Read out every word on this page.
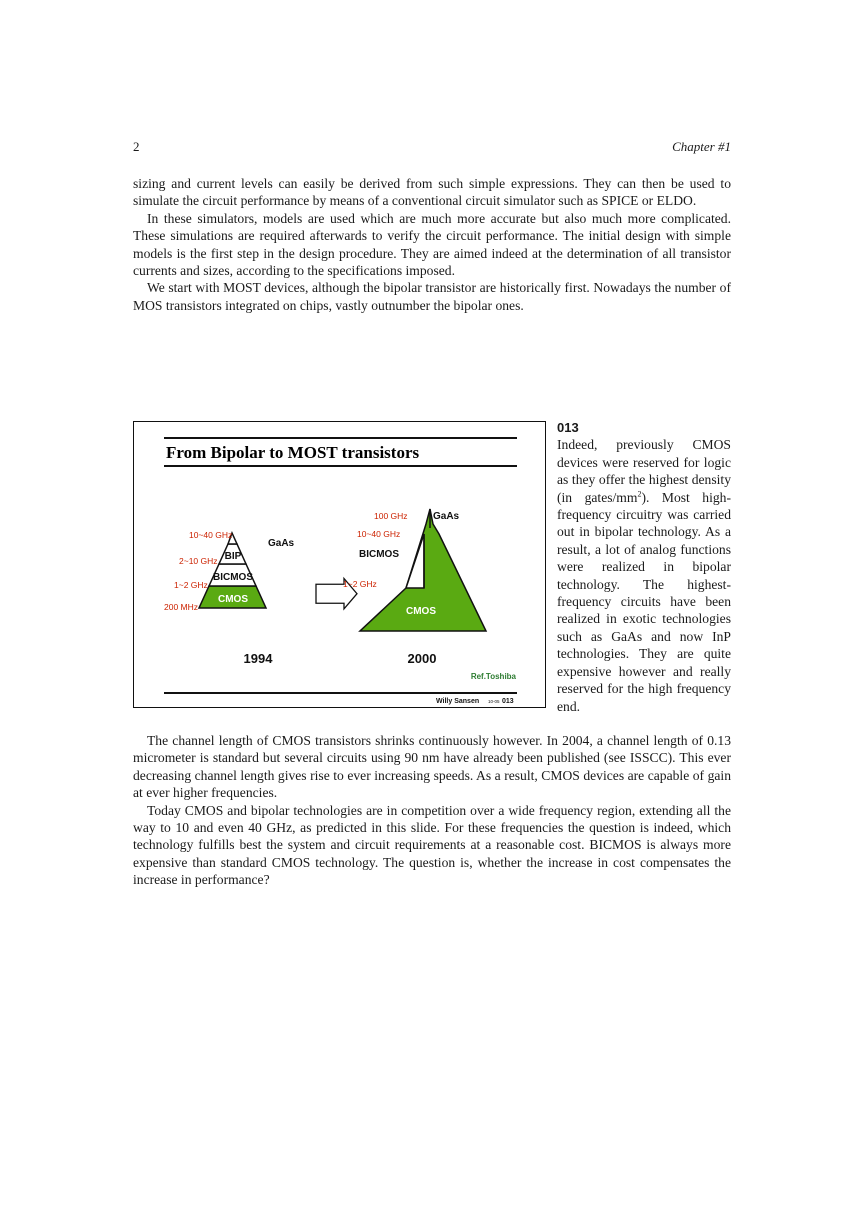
2	Chapter #1

sizing and current levels can easily be derived from such simple expressions. They can then be used to simulate the circuit performance by means of a conventional circuit simulator such as SPICE or ELDO.

In these simulators, models are used which are much more accurate but also much more complicated. These simulations are required afterwards to verify the circuit performance. The initial design with simple models is the first step in the design procedure. They are aimed indeed at the determination of all transistor currents and sizes, according to the specifications imposed.

We start with MOST devices, although the bipolar transistor are historically first. Nowadays the number of MOS transistors integrated on chips, vastly outnumber the bipolar ones.

From Bipolar to MOST transistors
CMOS
BICMOS
BIP
GaAs
10~40 GHz
2~10 GHz
1~2 GHz
200 MHz
1994
CMOS
BICMOS
GaAs
100 GHz
10~40 GHz
1~2 GHz
2000
Ref.Toshiba
Willy Sansen 10-05 013
013

Indeed, previously CMOS devices were reserved for logic as they offer the highest density (in gates/$mm^2$). Most high-frequency circuitry was carried out in bipolar technology. As a result, a lot of analog functions were realized in bipolar technology. The highest-frequency circuits have been realized in exotic technologies such as GaAs and now InP technologies. They are quite expensive however and really reserved for the high frequency end.

The channel length of CMOS transistors shrinks continuously however. In 2004, a channel length of 0.13 micrometer is standard but several circuits using 90 nm have already been published (see ISSCC). This ever decreasing channel length gives rise to ever increasing speeds. As a result, CMOS devices are capable of gain at ever higher frequencies.

Today CMOS and bipolar technologies are in competition over a wide frequency region, extending all the way to 10 and even 40 GHz, as predicted in this slide. For these frequencies the question is indeed, which technology fulfills best the system and circuit requirements at a reasonable cost. BICMOS is always more expensive than standard CMOS technology. The question is, whether the increase in cost compensates the increase in performance?
